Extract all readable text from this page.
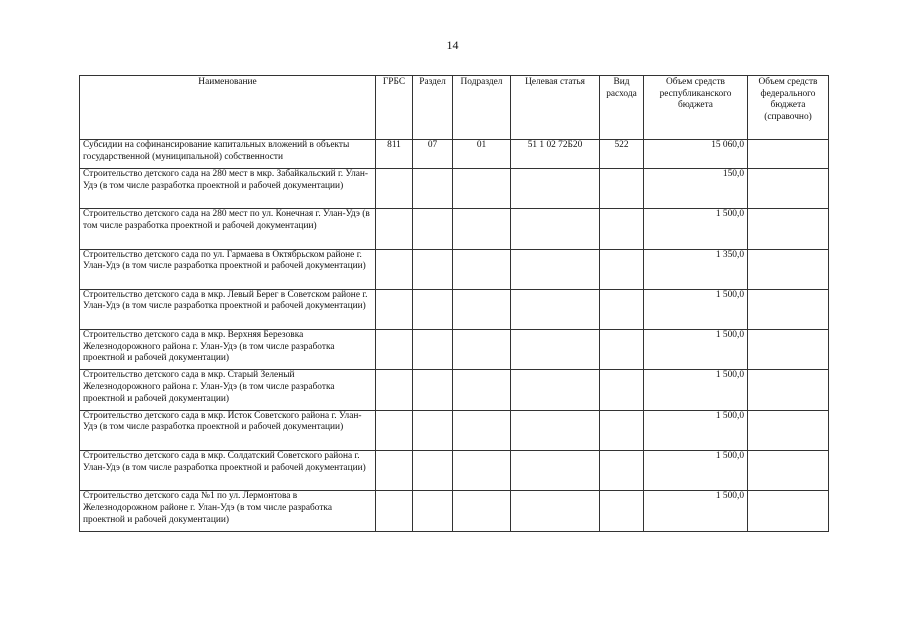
14
Наименование	ГРБС	Раздел	Подраздел	Целевая статья	Вид расхода	Объем средств республиканского бюджета	Объем средств федерального бюджета (справочно)
Субсидии на софинансирование капитальных вложений в объекты государственной (муниципальной) собственности	811	07	01	51 1 02 72Б20	522	15 060,0	
Строительство детского сада на 280 мест в мкр. Забайкальский г. Улан-Удэ (в том числе разработка проектной и рабочей документации)						150,0	
Строительство детского сада на 280 мест по ул. Конечная г. Улан-Удэ (в том числе разработка проектной и рабочей документации)						1 500,0	
Строительство детского сада по ул. Гармаева в Октябрьском районе г. Улан-Удэ (в том числе разработка проектной и рабочей документации)						1 350,0	
Строительство детского сада в мкр. Левый Берег в Советском районе г. Улан-Удэ (в том числе разработка проектной и рабочей документации)						1 500,0	
Строительство детского сада в мкр. Верхняя Березовка Железнодорожного района г. Улан-Удэ (в том числе разработка проектной и рабочей документации)						1 500,0	
Строительство детского сада в мкр. Старый Зеленый Железнодорожного района г. Улан-Удэ (в том числе разработка проектной и рабочей документации)						1 500,0	
Строительство детского сада в мкр. Исток Советского района г. Улан-Удэ (в том числе разработка проектной и рабочей документации)						1 500,0	
Строительство детского сада в мкр. Солдатский Советского района г. Улан-Удэ (в том числе разработка проектной и рабочей документации)						1 500,0	
Строительство детского сада №1 по ул. Лермонтова в Железнодорожном районе г. Улан-Удэ (в том числе разработка проектной и рабочей документации)						1 500,0	
